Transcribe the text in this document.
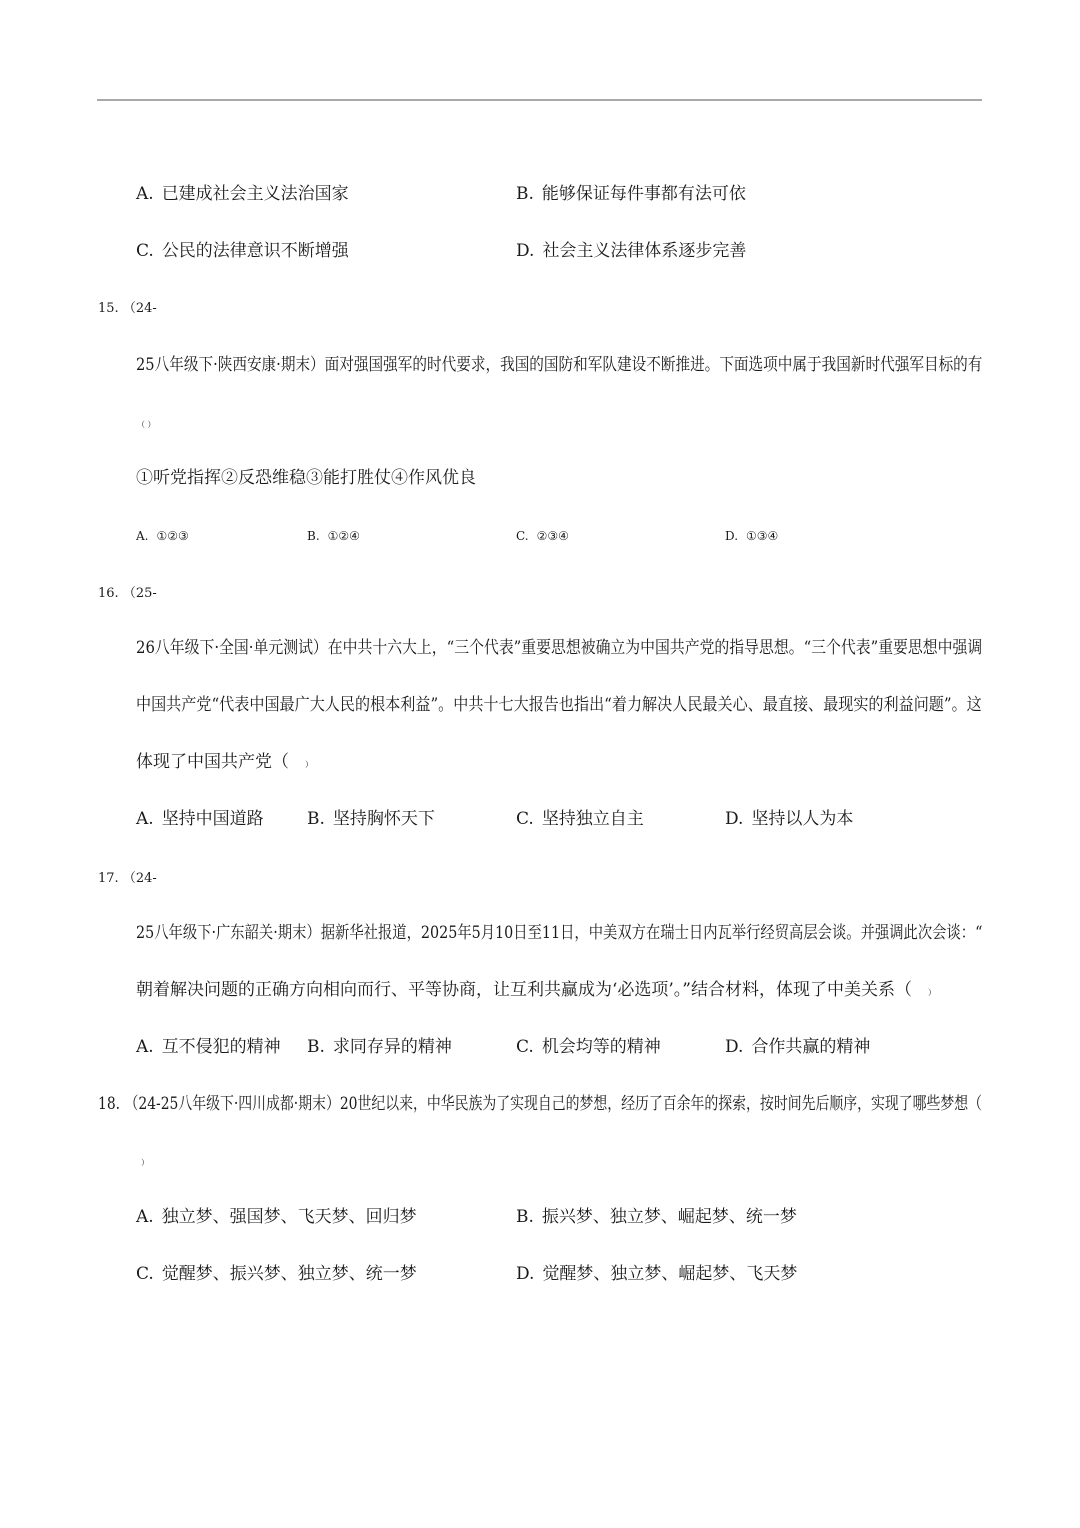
A. 已建成社会主义法治国家	B. 能够保证每件事都有法可依
C. 公民的法律意识不断增强	D. 社会主义法律体系逐步完善
15. （24-
25八年级下·陕西安康·期末）面对强国强军的时代要求，我国的国防和军队建设不断推进。下面选项中属于我国新时代强军目标的有
（ ）
①听党指挥②反恐维稳③能打胜仗④作风优良
A. ①②③	B. ①②④	C. ②③④	D. ①③④
16. （25-
26八年级下·全国·单元测试）在中共十六大上，“三个代表”重要思想被确立为中国共产党的指导思想。“三个代表”重要思想中强调
中国共产党“代表中国最广大人民的根本利益”。中共十七大报告也指出“着力解决人民最关心、最直接、最现实的利益问题”。这
体现了中国共产党（ ）
A. 坚持中国道路	B. 坚持胸怀天下	C. 坚持独立自主	D. 坚持以人为本
17. （24-
25八年级下·广东韶关·期末）据新华社报道，2025年5月10日至11日，中美双方在瑞士日内瓦举行经贸高层会谈。并强调此次会谈：“
朝着解决问题的正确方向相向而行、平等协商，让互利共赢成为‘必选项’。”结合材料，体现了中美关系（ ）
A. 互不侵犯的精神 B. 求同存异的精神	C. 机会均等的精神	D. 合作共赢的精神
18. （24-25八年级下·四川成都·期末）20世纪以来，中华民族为了实现自己的梦想，经历了百余年的探索，按时间先后顺序，实现了哪些梦想（
）
A. 独立梦、强国梦、飞天梦、回归梦	B. 振兴梦、独立梦、崛起梦、统一梦
C. 觉醒梦、振兴梦、独立梦、统一梦	D. 觉醒梦、独立梦、崛起梦、飞天梦
